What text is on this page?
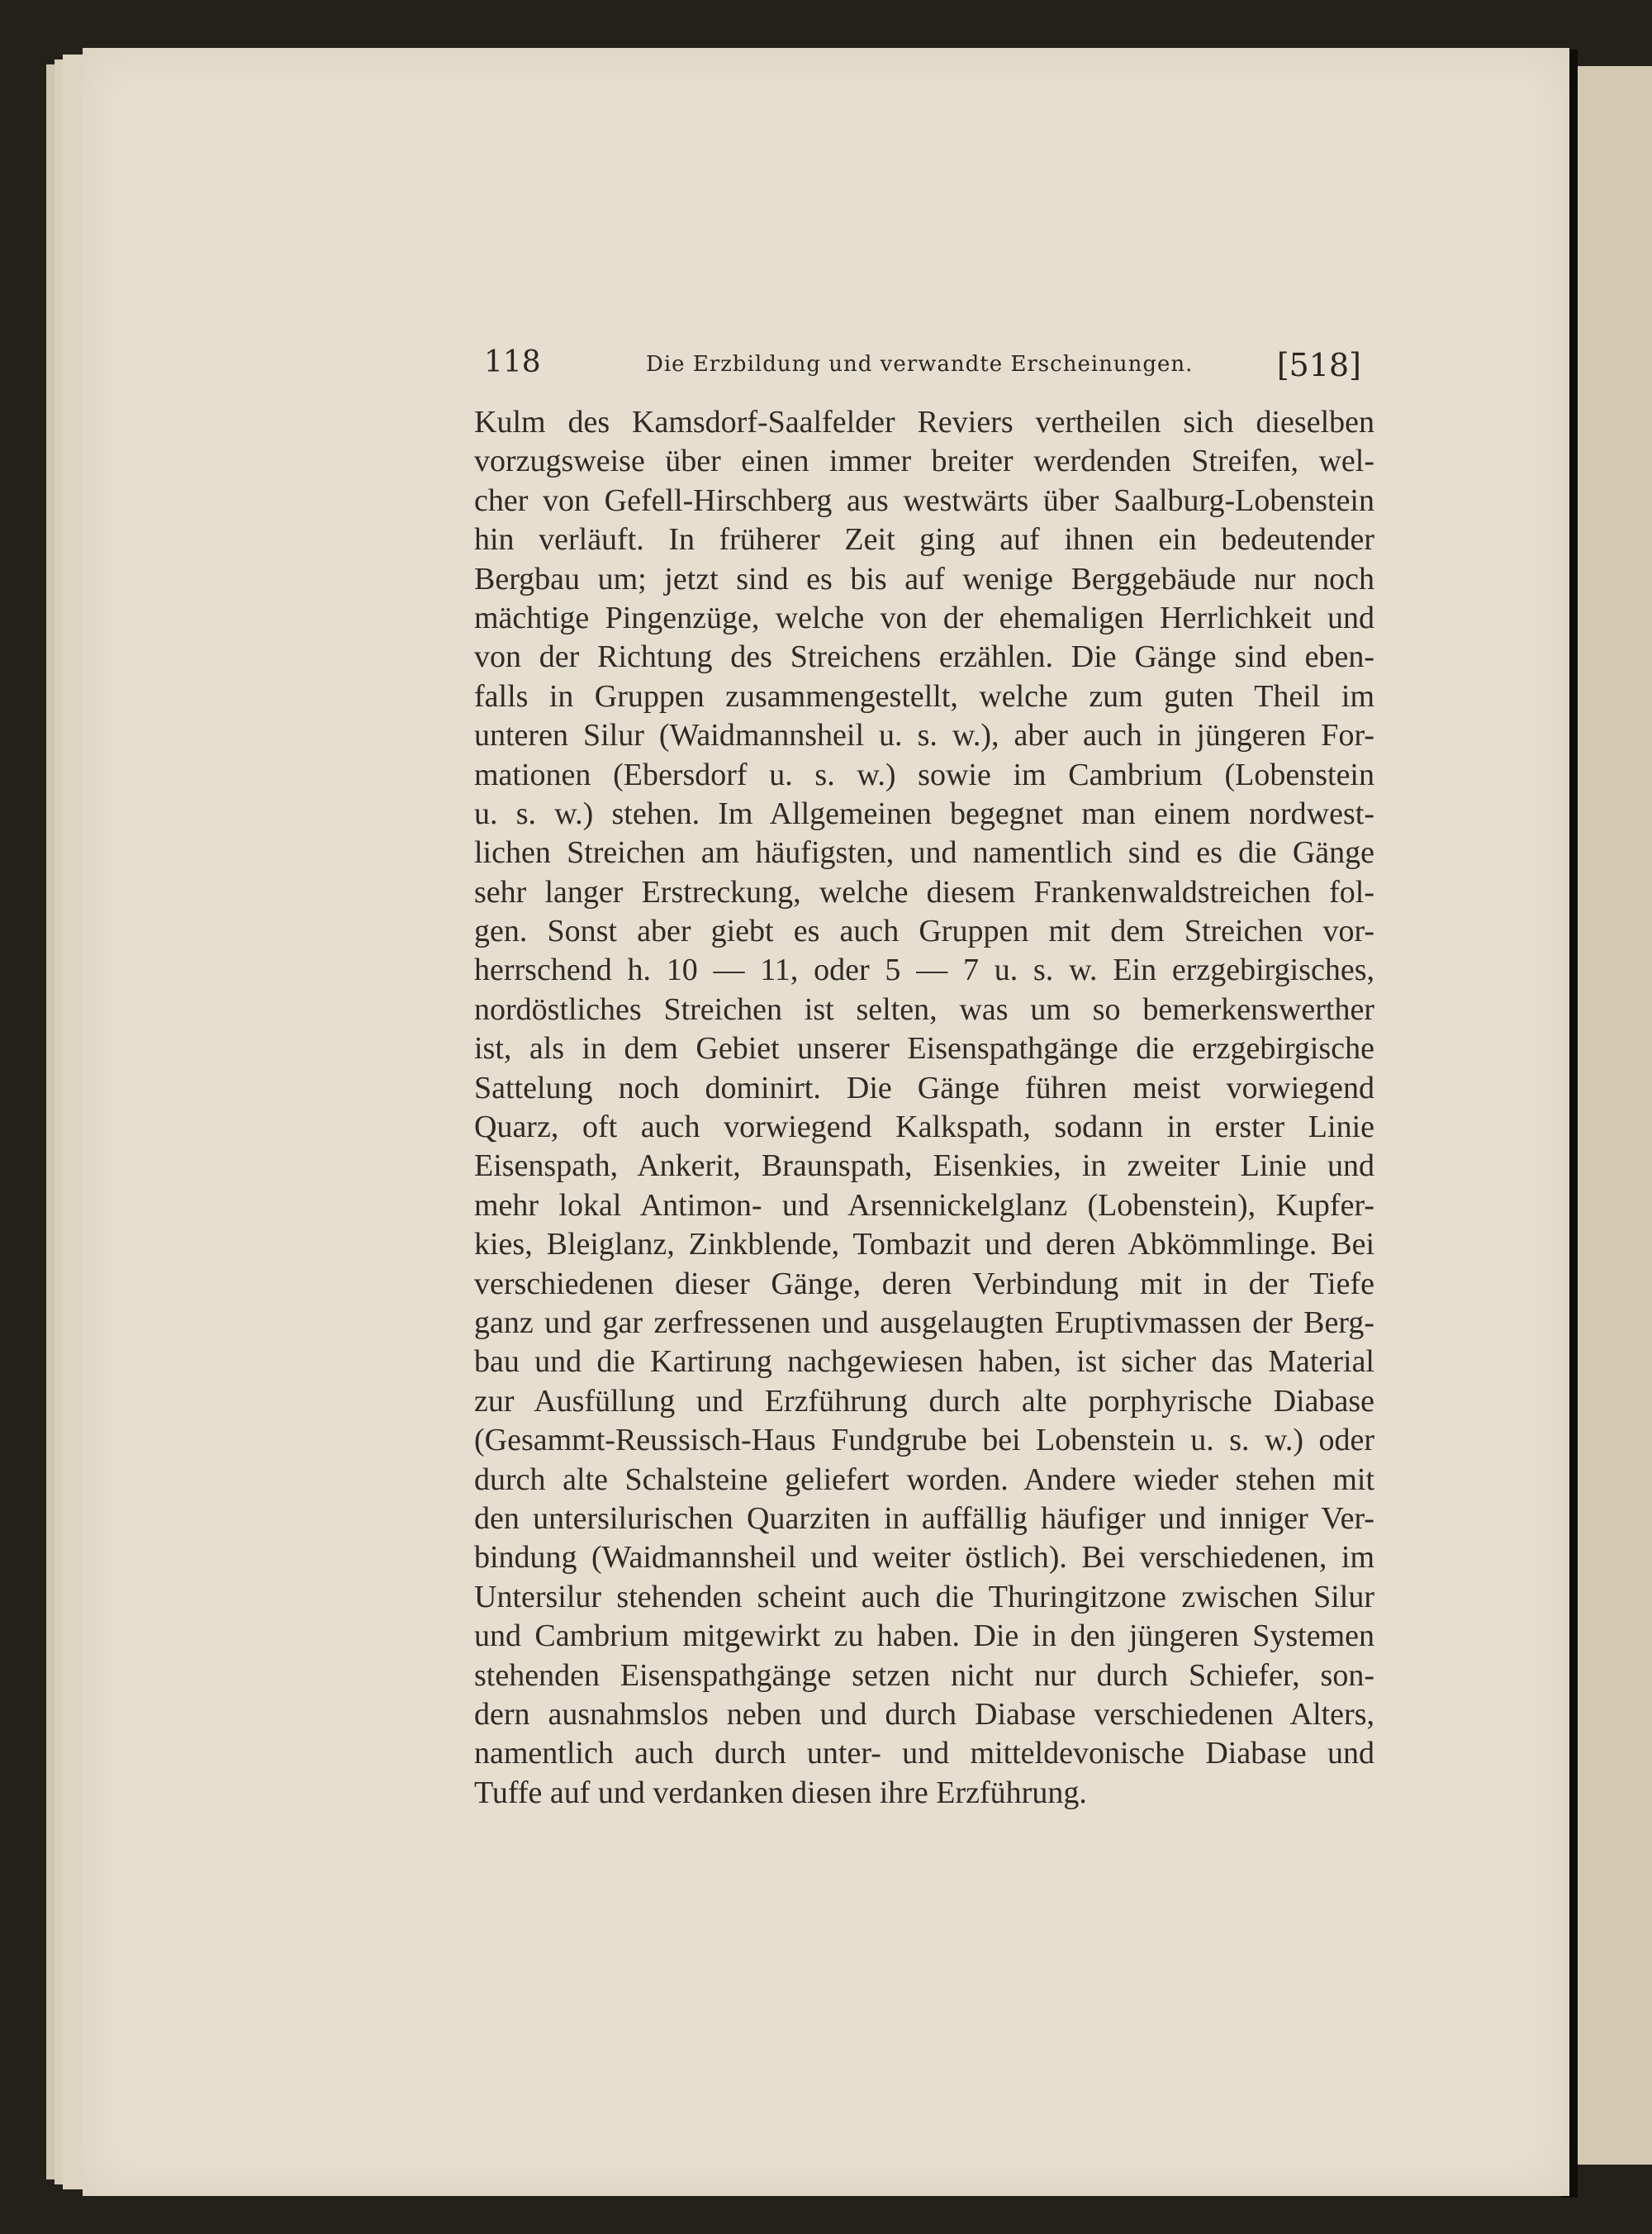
118	Die Erzbildung und verwandte Erscheinungen.	[518]
Kulm des Kamsdorf-Saalfelder Reviers vertheilen sich dieselben
vorzugsweise über einen immer breiter werdenden Streifen, wel-
cher von Gefell-Hirschberg aus westwärts über Saalburg-Lobenstein
hin verläuft. In früherer Zeit ging auf ihnen ein bedeutender
Bergbau um; jetzt sind es bis auf wenige Berggebäude nur noch
mächtige Pingenzüge, welche von der ehemaligen Herrlichkeit und
von der Richtung des Streichens erzählen. Die Gänge sind eben-
falls in Gruppen zusammengestellt, welche zum guten Theil im
unteren Silur (Waidmannsheil u. s. w.), aber auch in jüngeren For-
mationen (Ebersdorf u. s. w.) sowie im Cambrium (Lobenstein
u. s. w.) stehen. Im Allgemeinen begegnet man einem nordwest-
lichen Streichen am häufigsten, und namentlich sind es die Gänge
sehr langer Erstreckung, welche diesem Frankenwaldstreichen fol-
gen. Sonst aber giebt es auch Gruppen mit dem Streichen vor-
herrschend h. 10 — 11, oder 5 — 7 u. s. w. Ein erzgebirgisches,
nordöstliches Streichen ist selten, was um so bemerkenswerther
ist, als in dem Gebiet unserer Eisenspathgänge die erzgebirgische
Sattelung noch dominirt. Die Gänge führen meist vorwiegend
Quarz, oft auch vorwiegend Kalkspath, sodann in erster Linie
Eisenspath, Ankerit, Braunspath, Eisenkies, in zweiter Linie und
mehr lokal Antimon- und Arsennickelglanz (Lobenstein), Kupfer-
kies, Bleiglanz, Zinkblende, Tombazit und deren Abkömmlinge. Bei
verschiedenen dieser Gänge, deren Verbindung mit in der Tiefe
ganz und gar zerfressenen und ausgelaugten Eruptivmassen der Berg-
bau und die Kartirung nachgewiesen haben, ist sicher das Material
zur Ausfüllung und Erzführung durch alte porphyrische Diabase
(Gesammt-Reussisch-Haus Fundgrube bei Lobenstein u. s. w.) oder
durch alte Schalsteine geliefert worden. Andere wieder stehen mit
den untersilurischen Quarziten in auffällig häufiger und inniger Ver-
bindung (Waidmannsheil und weiter östlich). Bei verschiedenen, im
Untersilur stehenden scheint auch die Thuringitzone zwischen Silur
und Cambrium mitgewirkt zu haben. Die in den jüngeren Systemen
stehenden Eisenspathgänge setzen nicht nur durch Schiefer, son-
dern ausnahmslos neben und durch Diabase verschiedenen Alters,
namentlich auch durch unter- und mitteldevonische Diabase und
Tuffe auf und verdanken diesen ihre Erzführung.
